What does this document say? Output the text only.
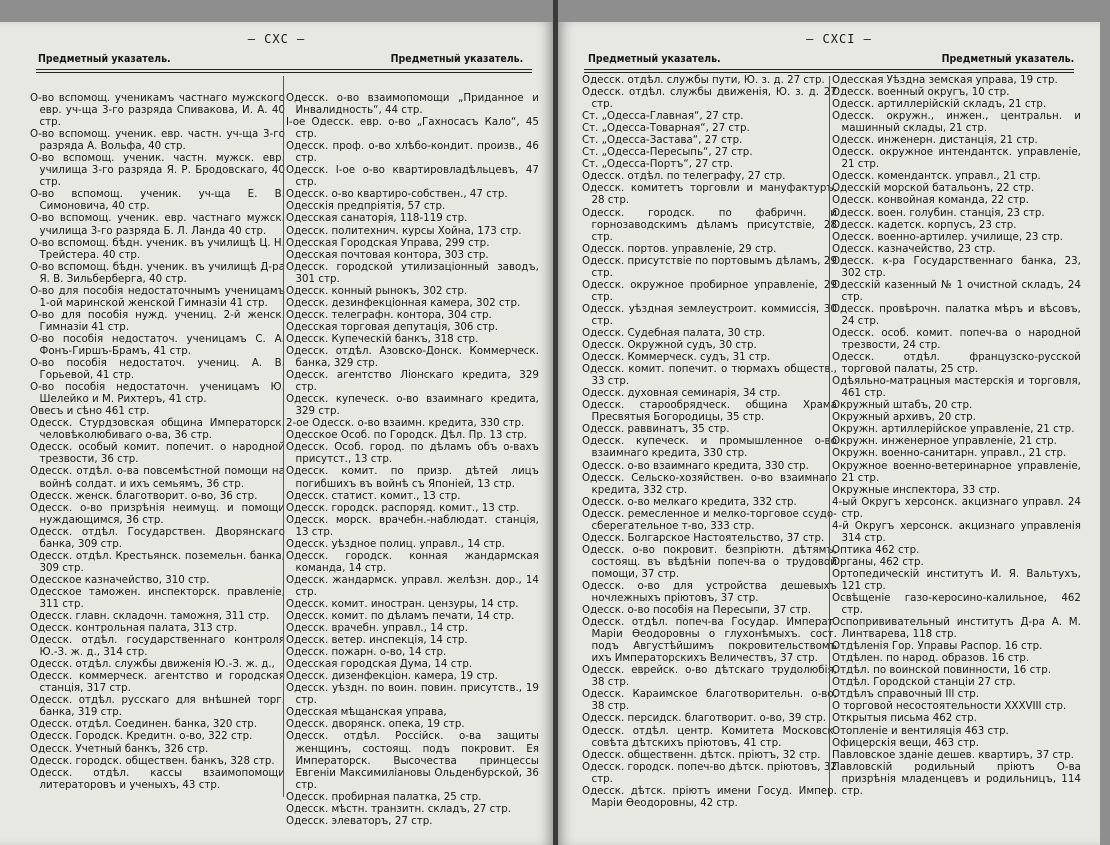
— CXC —
Предметный указатель.	Предметный указатель.
О-во вспомощ. ученикамъ частнаго мужского евр. уч-ща 3-го разряда Спивакова, И. А. 40 стр.
О-во вспомощ. ученик. евр. частн. уч-ща 3-го разряда А. Вольфа, 40 стр.
О-во вспомощ. ученик. частн. мужск. евр. училища 3-го разряда Я. Р. Бродовскаго, 40 стр.
О-во вспомощ. ученик. уч-ща Е. В. Симоновича, 40 стр.
О-во вспомощ. ученик. евр. частнаго мужск. училища 3-го разряда Б. Л. Ланда 40 стр.
О-во вспомощ. бѣдн. ученик. въ училищѣ Ц. Н. Трейстера. 40 стр.
О-во вспомощ. бѣдн. ученик. въ училищѣ Д-ра Я. В. Зильберберга, 40 стр.
О-во для пособія недостаточнымъ ученицамъ 1-ой маринской женской Гимназіи 41 стр.
О-во для пособія нужд. учениц. 2-й женск. Гимназіи 41 стр.
О-во пособія недостаточ. ученицамъ С. А. Фонъ-Гиршъ-Брамъ, 41 стр.
О-во пособія недостаточ. учениц. А. В. Горьевой, 41 стр.
О-во пособія недостаточн. ученицамъ Ю. Шелейко и М. Рихтеръ, 41 стр.
Овесъ и сѣно 461 стр.
Одесск. Стурдзовская община Императорск. человѣколюбиваго о-ва, 36 стр.
Одесск. особый комит. попечит. о народной трезвости, 36 стр.
Одесск. отдѣл. о-ва повсемѣстной помощи на войнѣ солдат. и ихъ семьямъ, 36 стр.
Одесск. женск. благотворит. о-во, 36 стр.
Одесск. о-во призрѣнія неимущ. и помощи нуждающимся, 36 стр.
Одесск. отдѣл. Государствен. Дворянскаго банка, 309 стр.
Одесск. отдѣл. Крестьянск. поземельн. банка, 309 стр.
Одесское казначейство, 310 стр.
Одесское таможен. инспекторск. правленіе, 311 стр.
Одесск. главн. складочн. таможня, 311 стр.
Одесск. контрольная палата, 313 стр.
Одесск. отдѣл. государственнаго контроля Ю.-З. ж. д., 314 стр.
Одесск. отдѣл. службы движенія Ю.-З. ж. д.,
Одесск. коммерческ. агентство и городская станція, 317 стр.
Одесск. отдѣл. русскаго для внѣшней торг. банка, 319 стр.
Одесск. отдѣл. Соединен. банка, 320 стр.
Одесск. Городск. Кредитн. о-во, 322 стр.
Одесск. Учетный банкъ, 326 стр.
Одесск. городск. обществен. банкъ, 328 стр.
Одесск. отдѣл. кассы взаимопомощи литераторовъ и ученыхъ, 43 стр.
Одесск. о-во взаимопомощи „Приданное и Инвалидность“, 44 стр.
I-ое Одесск. евр. о-во „Гахносасъ Кало“, 45 стр.
Одесск. проф. о-во хлѣбо-кондит. произв., 46 стр.
Одесск. I-ое о-во квартировладѣльцевъ, 47 стр.
Одесск. о-во квартиро-собствен., 47 стр.
Одесскія предпріятія, 57 стр.
Одесская санаторія, 118-119 стр.
Одесск. политехнич. курсы Хойна, 173 стр.
Одесская Городская Управа, 299 стр.
Одесская почтовая контора, 303 стр.
Одесск. городской утилизаціонный заводъ, 301 стр.
Одесск. конный рынокъ, 302 стр.
Одесск. дезинфекціонная камера, 302 стр.
Одесск. телеграфн. контора, 304 стр.
Одесская торговая депутація, 306 стр.
Одесск. Купеческій банкъ, 318 стр.
Одесск. отдѣл. Азовско-Донск. Коммерческ. банка, 329 стр.
Одесск. агентство Ліонскаго кредита, 329 стр.
Одесск. купеческ. о-во взаимнаго кредита, 329 стр.
2-ое Одесск. о-во взаимн. кредита, 330 стр.
Одесское Особ. по Городск. Дѣл. Пр. 13 стр.
Одесск. Особ. город. по дѣламъ объ о-вахъ присутст., 13 стр.
Одесск. комит. по призр. дѣтей лицъ погибшихъ въ войнѣ съ Японіей, 13 стр.
Одесск. статист. комит., 13 стр.
Одесск. городск. распоряд. комит., 13 стр.
Одесск. морск. врачебн.-наблюдат. станція, 13 стр.
Одесск. уѣздное полиц. управл., 14 стр.
Одесск. городск. конная жандармская команда, 14 стр.
Одесск. жандармск. управл. желѣзн. дор., 14 стр.
Одесск. комит. иностран. цензуры, 14 стр.
Одесск. комит. по дѣламъ печати, 14 стр.
Одесск. врачебн. управл., 14 стр.
Одесск. ветер. инспекція, 14 стр.
Одесск. пожарн. о-во, 14 стр.
Одесская городская Дума, 14 стр.
Одесск. дизенфекціон. камера, 19 стр.
Одесск. уѣздн. по воин. повин. присутств., 19 стр.
Одесская мѣщанская управа,
Одесск. дворянск. опека, 19 стр.
Одесск. отдѣл. Россійск. о-ва защиты женщинъ, состоящ. подъ покровит. Ея Императорск. Высочества принцессы Евгеніи Максимиліановы Ольденбурской, 36 стр.
Одесск. пробирная палатка, 25 стр.
Одесск. мѣстн. транзитн. складъ, 27 стр.
Одесск. элеваторъ, 27 стр.
— CXCI —
Предметный указатель.	Предметный указатель.
Одесск. отдѣл. службы пути, Ю. з. д. 27 стр.
Одесск. отдѣл. службы движенія, Ю. з. д. 27 стр.
Ст. „Одесса-Главная“, 27 стр.
Ст. „Одесса-Товарная“, 27 стр.
Ст. „Одесса-Застава“, 27 стр.
Ст. „Одесса-Пересыпь“, 27 стр.
Ст. „Одесса-Портъ“, 27 стр.
Одесск. отдѣл. по телеграфу, 27 стр.
Одесск. комитетъ торговли и мануфактуръ, 28 стр.
Одесск. городск. по фабричн. и горнозаводскимъ дѣламъ присутствіе, 28 стр.
Одесск. портов. управленіе, 29 стр.
Одесск. присутствіе по портовымъ дѣламъ, 29 стр.
Одесск. окружное пробирное управленіе, 29 стр.
Одесск. уѣздная землеустроит. коммиссія, 30 стр.
Одесск. Судебная палата, 30 стр.
Одесск. Окружной судъ, 30 стр.
Одесск. Коммерческ. судъ, 31 стр.
Одесск. комит. попечит. о тюрмахъ обществ., 33 стр.
Одесск. духовная семинарія, 34 стр.
Одесск. старообрядческ. община Храма Пресвятыя Богородицы, 35 стр.
Одесск. раввинатъ, 35 стр.
Одесск. купеческ. и промышленное о-во взаимнаго кредита, 330 стр.
Одесск. о-во взаимнаго кредита, 330 стр.
Одесск. Сельско-хозяйствен. о-во взаимнаго кредита, 332 стр.
Одесск. о-во мелкаго кредита, 332 стр.
Одесск. ремесленное и мелко-торговое ссудо-сберегательное т-во, 333 стр.
Одесск. Болгарское Настоятельство, 37 стр.
Одесск. о-во покровит. безпріютн. дѣтямъ, состоящ. въ вѣдѣніи попеч-ва о трудовой помощи, 37 стр.
Одесск. о-во для устройства дешевыхъ ночлежныхъ пріютовъ, 37 стр.
Одесск. о-во пособія на Пересыпи, 37 стр.
Одесск. отдѣл. попеч-ва Государ. Императ. Маріи Ѳеодоровны о глухонѣмыхъ. сост. подъ Августѣйшимъ покровительствомъ ихъ Императорскихъ Величествъ, 37 стр.
Одесск. еврейск. о-во дѣтскаго трудолюбія, 38 стр.
Одесск. Караимское благотворительн. о-во, 38 стр.
Одесск. персидск. благотворит. о-во, 39 стр.
Одесск. отдѣл. центр. Комитета Московск. совѣта дѣтскихъ пріютовъ, 41 стр.
Одесск. общественн. дѣтск. пріютъ, 32 стр.
Одесск. городск. попеч-во дѣтск. пріютовъ, 32 стр.
Одесск. дѣтск. пріютъ имени Госуд. Импер. Маріи Ѳеодоровны, 42 стр.
Одесская Уѣздна земская управа, 19 стр.
Одесск. военный округъ, 10 стр.
Одесск. артиллерійскій складъ, 21 стр.
Одесск. окружн., инжен., центральн. и машинный склады, 21 стр.
Одесск. инженерн. дистанція, 21 стр.
Одесск. окружное интендантск. управленіе, 21 стр.
Одесск. комендантск. управл., 21 стр.
Одесскій морской батальонъ, 22 стр.
Одесск. конвойная команда, 22 стр.
Одесск. воен. голубин. станція, 23 стр.
Одесск. кадетск. корпусъ, 23 стр.
Одесск. военно-артилер. училище, 23 стр.
Одесск. казначейство, 23 стр.
Одесск. к-ра Государственнаго банка, 23, 302 стр.
Одесскій казенный № 1 очистной складъ, 24 стр.
Одесск. провѣрочн. палатка мѣръ и вѣсовъ, 24 стр.
Одесск. особ. комит. попеч-ва о народной трезвости, 24 стр.
Одесск. отдѣл. французско-русской торговой палаты, 25 стр.
Одѣяльно-матрацныя мастерскія и торговля, 461 стр.
Окружный штабъ, 20 стр.
Окружный архивъ, 20 стр.
Окружн. артиллерійское управленіе, 21 стр.
Окружн. инженерное управленіе, 21 стр.
Окружн. военно-санитарн. управл., 21 стр.
Окружное военно-ветеринарное управленіе, 21 стр.
Окружные инспектора, 33 стр.
4-ый Округъ херсонск. акцизнаго управл. 24 стр.
4-й Округъ херсонск. акцизнаго управленія 314 стр.
Оптика 462 стр.
Органы, 462 стр.
Ортопедическій институтъ И. Я. Вальтухъ, 121 стр.
Освѣщеніе газо-керосино-калильное, 462 стр.
Оспопрививательный институтъ Д-ра А. М. Линтварева, 118 стр.
Отдѣленія Гор. Управы Распор. 16 стр.
Отдѣлен. по народ. образов. 16 стр.
Отдѣл. по воинской повинности, 16 стр.
Отдѣл. Городской станціи 27 стр.
Отдѣлъ справочный III стр.
О торговой несостоятельности XXXVIII стр.
Открытыя письма 462 стр.
Отопленіе и вентиляція 463 стр.
Офицерскія вещи, 463 стр.
Павловское зданіе дешев. квартиръ, 37 стр.
Павловскій родильный пріютъ О-ва призрѣнія младенцевъ и родильницъ, 114 стр.
